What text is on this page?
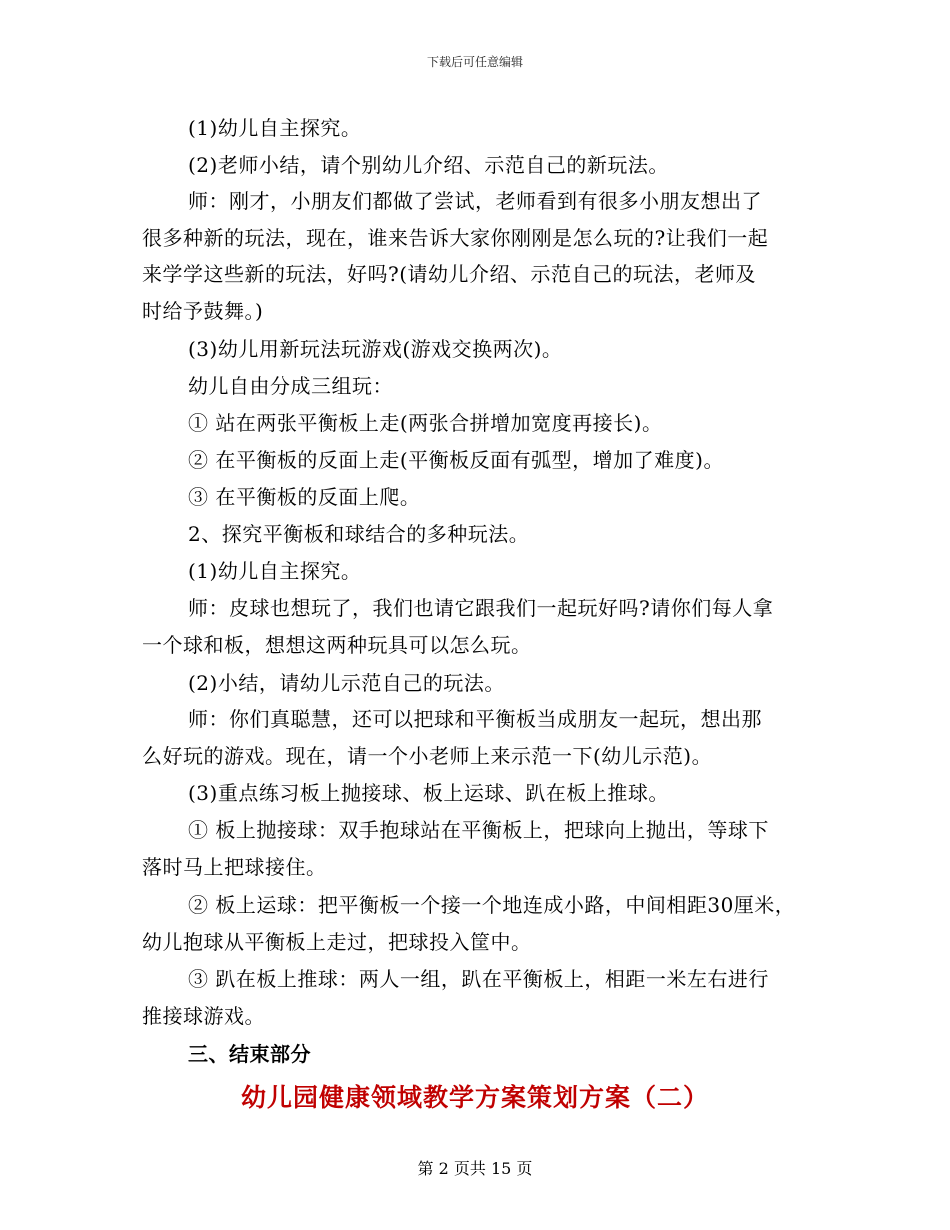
下载后可任意编辑
(1)幼儿自主探究。
(2)老师小结，请个别幼儿介绍、示范自己的新玩法。
师：刚才，小朋友们都做了尝试，老师看到有很多小朋友想出了
很多种新的玩法，现在，谁来告诉大家你刚刚是怎么玩的?让我们一起
来学学这些新的玩法，好吗?(请幼儿介绍、示范自己的玩法，老师及
时给予鼓舞。)
(3)幼儿用新玩法玩游戏(游戏交换两次)。
幼儿自由分成三组玩：
① 站在两张平衡板上走(两张合拼增加宽度再接长)。
② 在平衡板的反面上走(平衡板反面有弧型，增加了难度)。
③ 在平衡板的反面上爬。
2、探究平衡板和球结合的多种玩法。
(1)幼儿自主探究。
师：皮球也想玩了，我们也请它跟我们一起玩好吗?请你们每人拿
一个球和板，想想这两种玩具可以怎么玩。
(2)小结，请幼儿示范自己的玩法。
师：你们真聪慧，还可以把球和平衡板当成朋友一起玩，想出那
么好玩的游戏。现在，请一个小老师上来示范一下(幼儿示范)。
(3)重点练习板上抛接球、板上运球、趴在板上推球。
① 板上抛接球：双手抱球站在平衡板上，把球向上抛出，等球下
落时马上把球接住。
② 板上运球：把平衡板一个接一个地连成小路，中间相距30厘米，
幼儿抱球从平衡板上走过，把球投入筐中。
③ 趴在板上推球：两人一组，趴在平衡板上，相距一米左右进行
推接球游戏。
三、结束部分
幼儿园健康领域教学方案策划方案（二）
第 2 页共 15 页
